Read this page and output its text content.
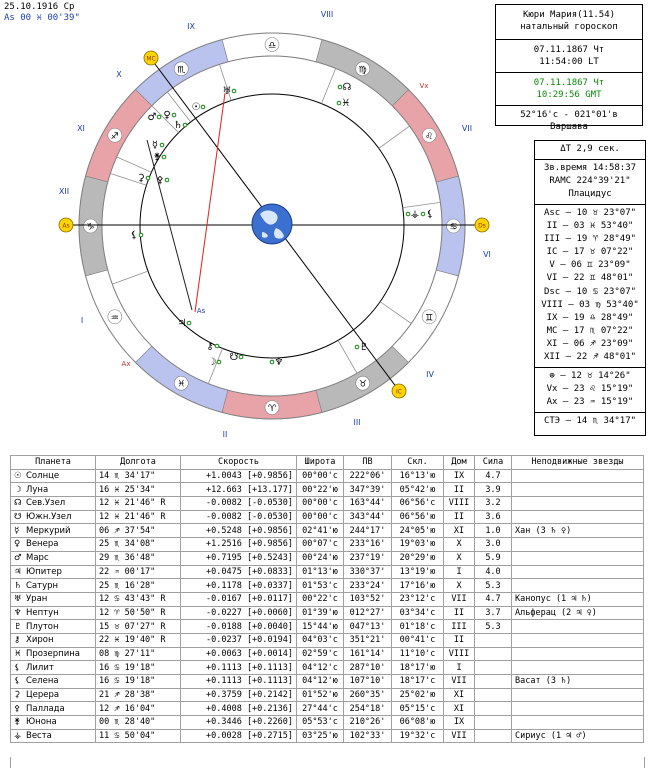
25.10.1916 Ср
As 00 ♓ 00'39"
♎
♏
♐
♑
♒
♓
♈
♉
♊
♋
♌
♍
I
II
III
IV
VI
VII
VIII
IX
X
XI
XII
As	Ds
MC
IC
Vx
Ax
As
☉
♀
♄
♂
☿
⚵
⚳ ⚴
♃
⚷
☽
♓
☊
♅
♆
☋
⚸
♇
⚶ ⚸
Кюри Мария(11.54)
натальный гороскоп
07.11.1867 Чт
11:54:00 LT
07.11.1867 Чт
10:29:56 GMT
52°16'с - 021°01'в
Варшава
ΔT 2,9 сек.
Зв.время 14:58:37
RAMC 224°39'21"
Плацидус
Asc – 10 ♉ 23°07"
II – 03 ♓ 53°40"
III – 19 ♈ 28°49"
IC – 17 ♉ 07°22"
V – 06 ♊ 23°09"
VI – 22 ♊ 48°01"
Dsc – 10 ♋ 23°07"
VIII – 03 ♍ 53°40"
IX – 19 ♎ 28°49"
MC – 17 ♏ 07°22"
XI – 06 ♐ 23°09"
XII – 22 ♐ 48°01"
⊕ – 12 ♉ 14°26"
Vx – 23 ♌ 15°19"
Ax – 23 ♒ 15°19"
СТЭ – 14 ♏ 34°17"
Планета	Долгота	Скорость	Широта	ПВ	Скл.	Дом	Сила	Неподвижные звезды
☉ Солнце	14 ♏ 34'17"	+1.0043 [+0.9856]	00°00'с	222°06'	16°13'ю	IX	4.7	
☽ Луна	16 ♓ 25'34"	+12.663 [+13.177]	00°22'ю	347°39'	05°42'ю	II	3.9	
☊ Сев.Узел	12 ♓ 21'46" R	-0.0082 [-0.0530]	00°00'с	163°44'	06°56'с	VIII	3.2	
☋ Южн.Узел	12 ♓ 21'46" R	-0.0082 [-0.0530]	00°00'с	343°44'	06°56'ю	II	3.6	
☿ Меркурий	06 ♐ 37'54"	+0.5248 [+0.9856]	02°41'ю	244°17'	24°05'ю	XI	1.0	Хан (3 ♄ ♀)
♀ Венера	25 ♏ 34'08"	+1.2516 [+0.9856]	00°07'с	233°16'	19°03'ю	X	3.0	
♂ Марс	29 ♏ 36'48"	+0.7195 [+0.5243]	00°24'ю	237°19'	20°29'ю	X	5.9	
♃ Юпитер	22 ♒ 00'17"	+0.0475 [+0.0833]	01°13'ю	330°37'	13°19'ю	I	4.0	
♄ Сатурн	25 ♏ 16'28"	+0.1178 [+0.0337]	01°53'с	233°24'	17°16'ю	X	5.3	
♅ Уран	12 ♋ 43'43" R	-0.0167 [+0.0117]	00°22'с	103°52'	23°12'с	VII	4.7	Канопус (1 ♃ ♄)
♆ Нептун	12 ♈ 50'50" R	-0.0227 [+0.0060]	01°39'ю	012°27'	03°34'с	II	3.7	Альферац (2 ♃ ♀)
♇ Плутон	15 ♉ 07'27" R	-0.0188 [+0.0040]	15°44'ю	047°13'	01°18'с	III	5.3	
⚷ Хирон	22 ♓ 19'40" R	-0.0237 [+0.0194]	04°03'с	351°21'	00°41'с	II		
♓ Прозерпина	08 ♍ 27'11"	+0.0063 [+0.0014]	02°59'с	161°14'	11°10'с	VIII		
⚸ Лилит	16 ♋ 19'18"	+0.1113 [+0.1113]	04°12'с	287°10'	18°17'ю	I		
⚸ Селена	16 ♋ 19'18"	+0.1113 [+0.1113]	04°12'ю	107°10'	18°17'с	VII		Васат (3 ♄)
⚳ Церера	21 ♐ 28'38"	+0.3759 [+0.2142]	01°52'ю	260°35'	25°02'ю	XI		
⚴ Паллада	12 ♐ 16'04"	+0.4008 [+0.2136]	27°44'с	254°18'	05°15'с	XI		
⚵ Юнона	00 ♏ 28'40"	+0.3446 [+0.2260]	05°53'с	210°26'	06°08'ю	IX		
⚶ Веста	11 ♋ 50'04"	+0.0028 [+0.2715]	03°25'ю	102°33'	19°32'с	VII		Сириус (1 ♃ ♂)
